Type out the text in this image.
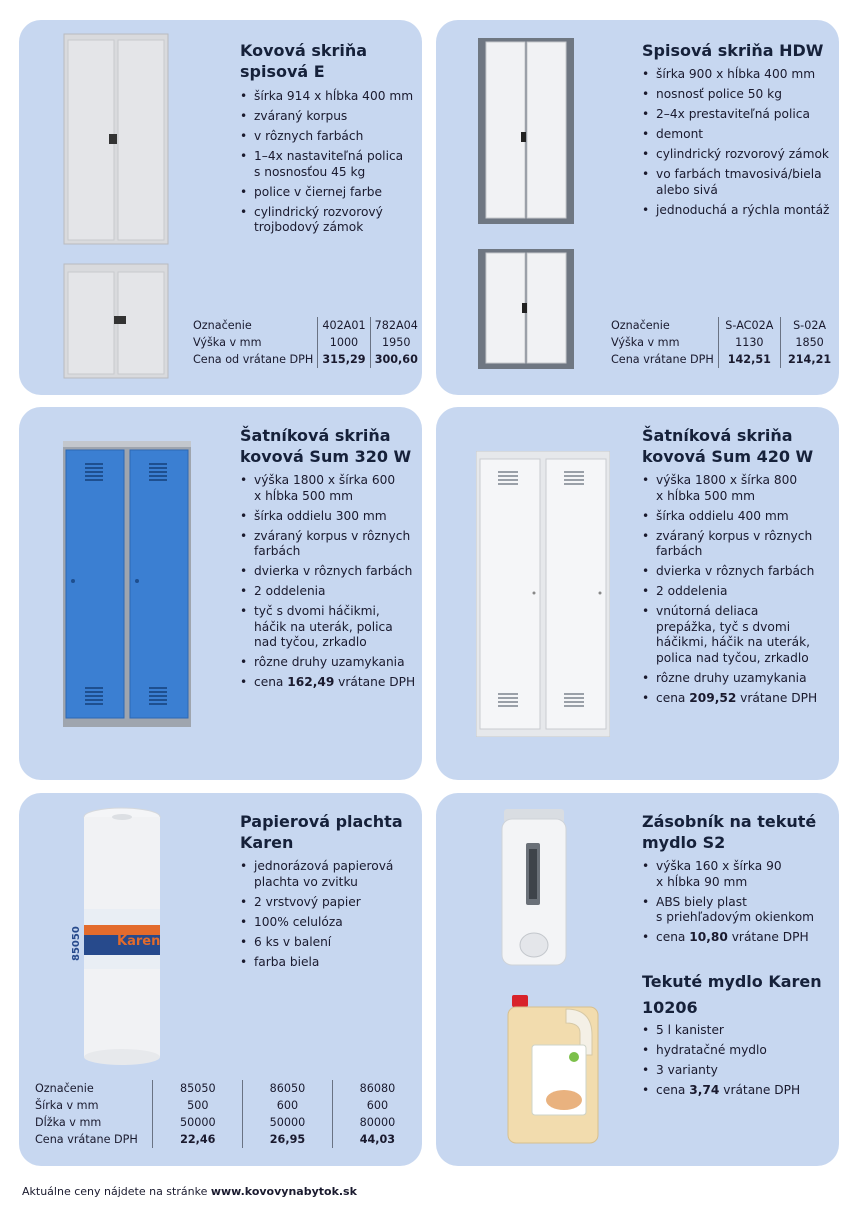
Kovová skriňa
spisová E
• šírka 914 x hĺbka 400 mm
• zváraný korpus
• v rôznych farbách
• 1–4x nastaviteľná polica
s nosnosťou 45 kg
• police v čiernej farbe
• cylindrický rozvorový
trojbodový zámok
Označenie	402A01	782A04
Výška v mm	1000	1950
Cena od vrátane DPH	315,29	300,60
Spisová skriňa HDW
• šírka 900 x hĺbka 400 mm
• nosnosť police 50 kg
• 2–4x prestaviteľná polica
• demont
• cylindrický rozvorový zámok
• vo farbách tmavosivá/biela
alebo sivá
• jednoduchá a rýchla montáž
Označenie	S-AC02A	S-02A
Výška v mm	1130	1850
Cena vrátane DPH	142,51	214,21
Šatníková skriňa
kovová Sum 320 W
• výška 1800 x šírka 600
x hĺbka 500 mm
• šírka oddielu 300 mm
• zváraný korpus v rôznych
farbách
• dvierka v rôznych farbách
• 2 oddelenia
• tyč s dvomi háčikmi,
háčik na uterák, polica
nad tyčou, zrkadlo
• rôzne druhy uzamykania
• cena 162,49 vrátane DPH
Šatníková skriňa
kovová Sum 420 W
• výška 1800 x šírka 800
x hĺbka 500 mm
• šírka oddielu 400 mm
• zváraný korpus v rôznych
farbách
• dvierka v rôznych farbách
• 2 oddelenia
• vnútorná deliaca
prepážka, tyč s dvomi
háčikmi, háčik na uterák,
polica nad tyčou, zrkadlo
• rôzne druhy uzamykania
• cena 209,52 vrátane DPH
Karen
85050
Papierová plachta
Karen
• jednorázová papierová
plachta vo zvitku
• 2 vrstvový papier
• 100% celulóza
• 6 ks v balení
• farba biela
Označenie	85050	86050	86080
Šírka v mm	500	600	600
Dĺžka v mm	50000	50000	80000
Cena vrátane DPH	22,46	26,95	44,03
Zásobník na tekuté
mydlo S2
• výška 160 x šírka 90
x hĺbka 90 mm
• ABS biely plast
s priehľadovým okienkom
• cena 10,80 vrátane DPH
Tekuté mydlo Karen
10206
• 5 l kanister
• hydratačné mydlo
• 3 varianty
• cena 3,74 vrátane DPH
Aktuálne ceny nájdete na stránke www.kovovynabytok.sk
